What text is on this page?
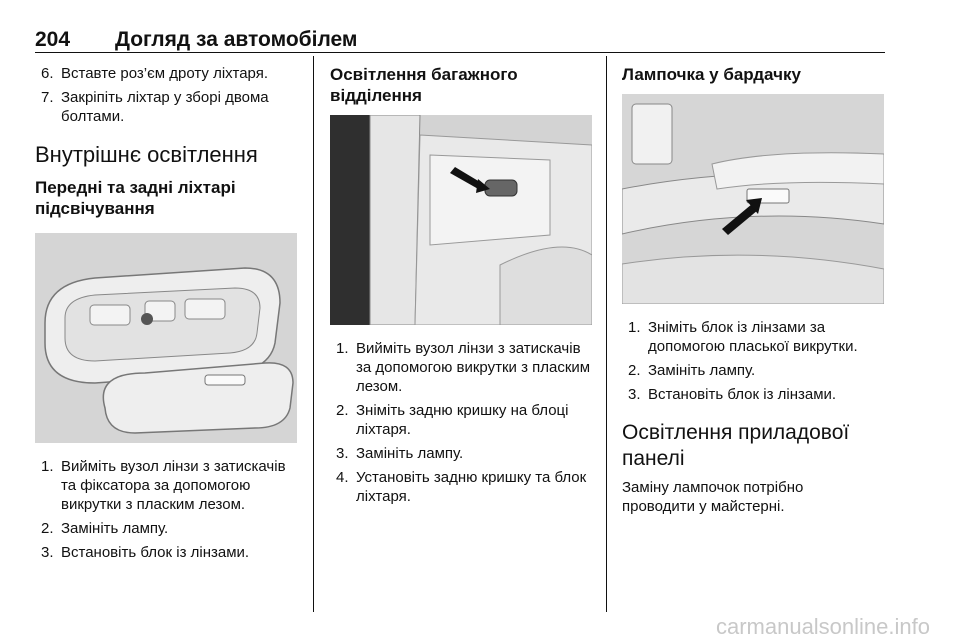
204 Догляд за автомобілем
6. Вставте роз’єм дроту ліхтаря.
7. Закріпіть ліхтар у зборі двома болтами.
Внутрішнє освітлення
Передні та задні ліхтарі підсвічування
1. Вийміть вузол лінзи з затискачів та фіксатора за допомогою викрутки з пласким лезом.
2. Замініть лампу.
3. Встановіть блок із лінзами.
Освітлення багажного відділення
1. Вийміть вузол лінзи з затискачів за допомогою викрутки з пласким лезом.
2. Зніміть задню кришку на блоці ліхтаря.
3. Замініть лампу.
4. Установіть задню кришку та блок ліхтаря.
Лампочка у бардачку
1. Зніміть блок із лінзами за допомогою пласької викрутки.
2. Замініть лампу.
3. Встановіть блок із лінзами.
Освітлення приладової панелі

Заміну лампочок потрібно проводити у майстерні.

carmanualsonline.info
